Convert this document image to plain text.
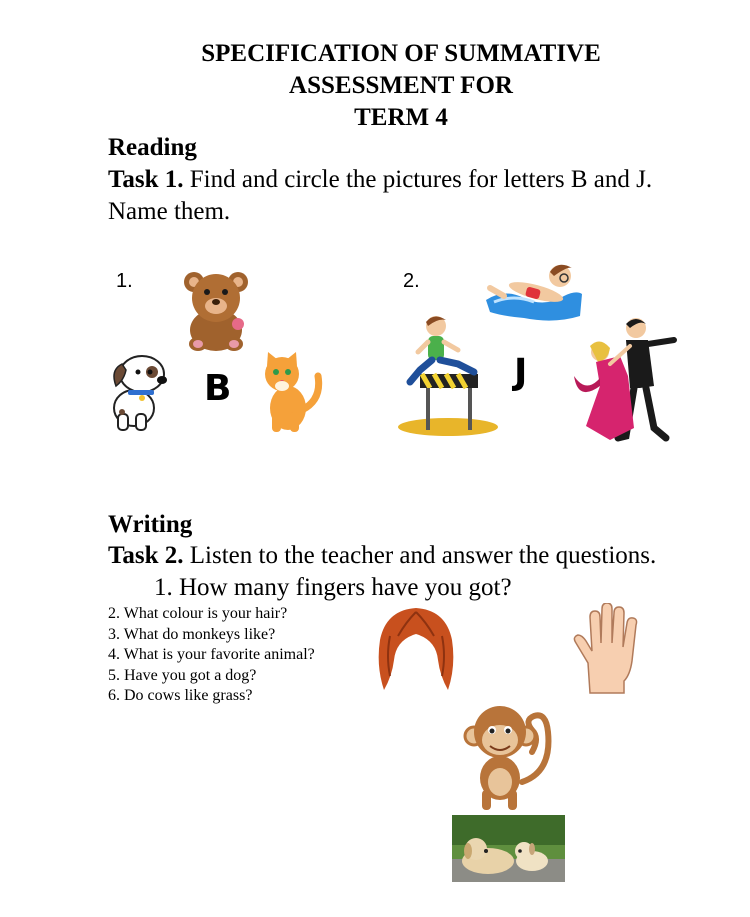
SPECIFICATION OF SUMMATIVE
ASSESSMENT FOR
TERM 4
Reading
Task 1. Find and circle the pictures for letters B and J.
Name them.
1.	2.
B	J
Writing
Task 2. Listen to the teacher and answer the questions.
1. How many fingers have you got?
2. What colour is your hair?
3. What do monkeys like?
4. What is your favorite animal?
5. Have you got a dog?
6. Do cows like grass?
